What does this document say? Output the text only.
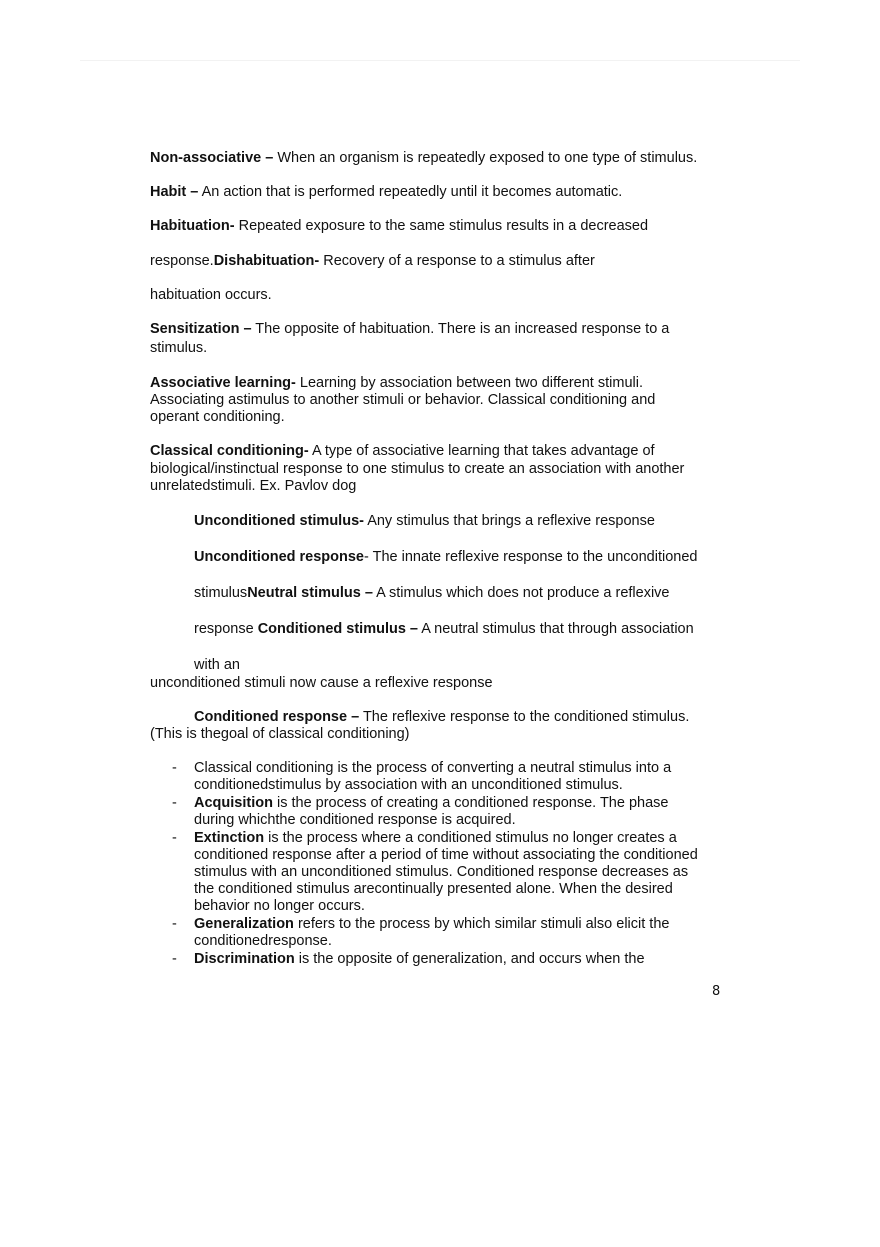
Non-associative – When an organism is repeatedly exposed to one type of stimulus.
Habit – An action that is performed repeatedly until it becomes automatic.
Habituation- Repeated exposure to the same stimulus results in a decreased
response.Dishabituation- Recovery of a response to a stimulus after
habituation occurs.
Sensitization – The opposite of habituation. There is an increased response to a
stimulus.
Associative learning- Learning by association between two different stimuli.
Associating astimulus to another stimuli or behavior. Classical conditioning and
operant conditioning.
Classical conditioning- A type of associative learning that takes advantage of
biological/instinctual response to one stimulus to create an association with another
unrelatedstimuli. Ex. Pavlov dog
Unconditioned stimulus- Any stimulus that brings a reflexive response
Unconditioned response- The innate reflexive response to the unconditioned
stimulusNeutral stimulus – A stimulus which does not produce a reflexive
response Conditioned stimulus – A neutral stimulus that through association
with an
unconditioned stimuli now cause a reflexive response
Conditioned response – The reflexive response to the conditioned stimulus.
(This is thegoal of classical conditioning)
- Classical conditioning is the process of converting a neutral stimulus into a
conditionedstimulus by association with an unconditioned stimulus.
- Acquisition is the process of creating a conditioned response. The phase
during whichthe conditioned response is acquired.
- Extinction is the process where a conditioned stimulus no longer creates a
conditioned response after a period of time without associating the conditioned
stimulus with an unconditioned stimulus. Conditioned response decreases as
the conditioned stimulus arecontinually presented alone. When the desired
behavior no longer occurs.
- Generalization refers to the process by which similar stimuli also elicit the
conditionedresponse.
- Discrimination is the opposite of generalization, and occurs when the
8
